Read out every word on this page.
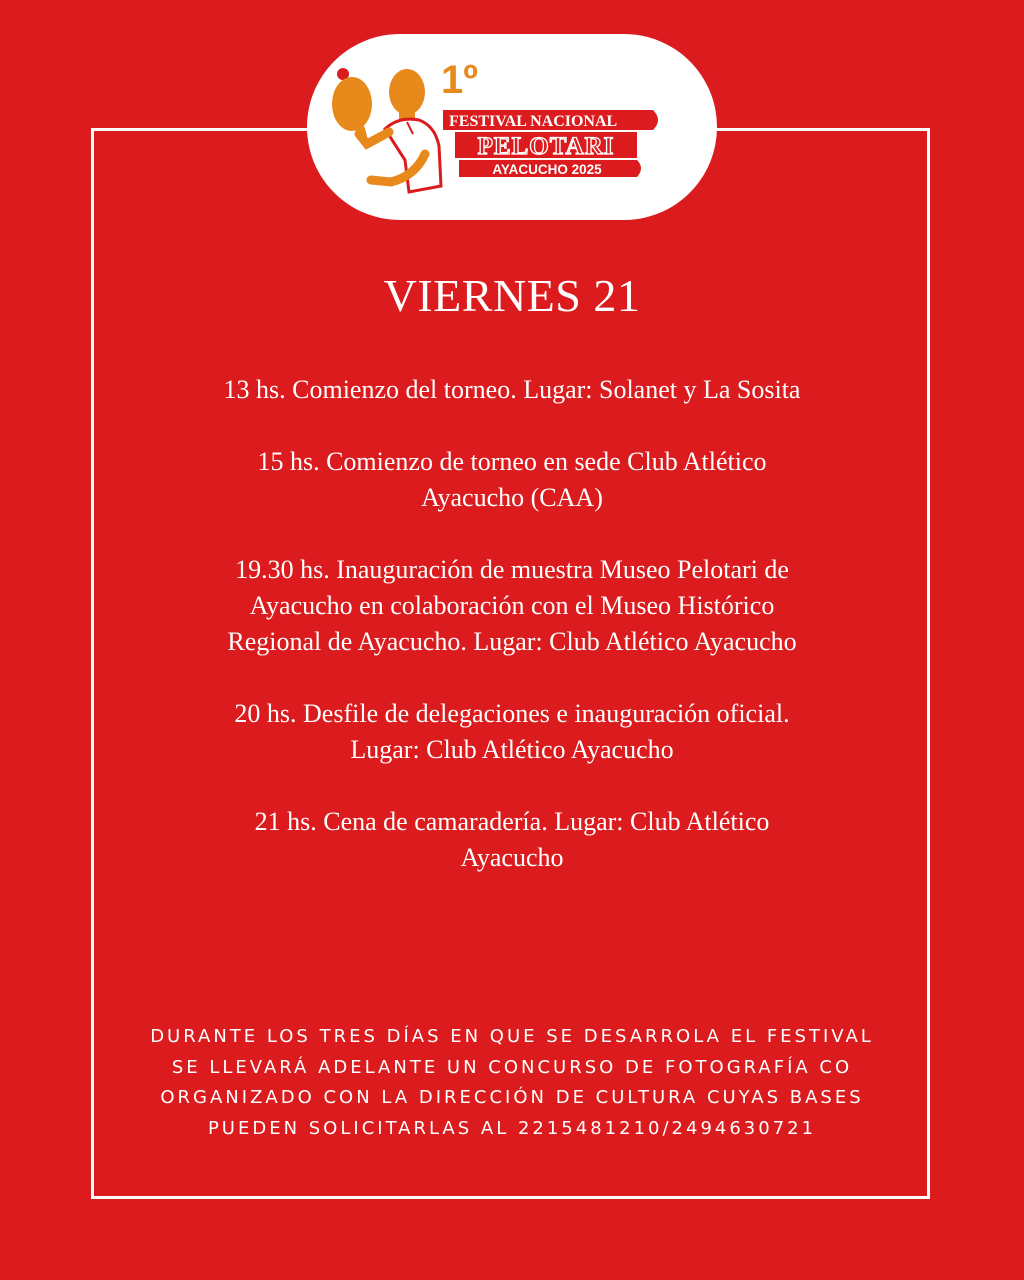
FESTIVAL NACIONAL
PELOTARI
AYACUCHO 2025
1º
VIERNES 21

13 hs. Comienzo del torneo. Lugar: Solanet y La Sosita

15 hs. Comienzo de torneo en sede Club Atlético Ayacucho (CAA)

19.30 hs. Inauguración de muestra Museo Pelotari de Ayacucho en colaboración con el Museo Histórico Regional de Ayacucho. Lugar: Club Atlético Ayacucho

20 hs. Desfile de delegaciones e inauguración oficial. Lugar: Club Atlético Ayacucho

21 hs. Cena de camaradería. Lugar: Club Atlético Ayacucho

DURANTE LOS TRES DÍAS EN QUE SE DESARROLA EL FESTIVAL SE LLEVARÁ ADELANTE UN CONCURSO DE FOTOGRAFÍA CO ORGANIZADO CON LA DIRECCIÓN DE CULTURA CUYAS BASES PUEDEN SOLICITARLAS AL 2215481210/2494630721
